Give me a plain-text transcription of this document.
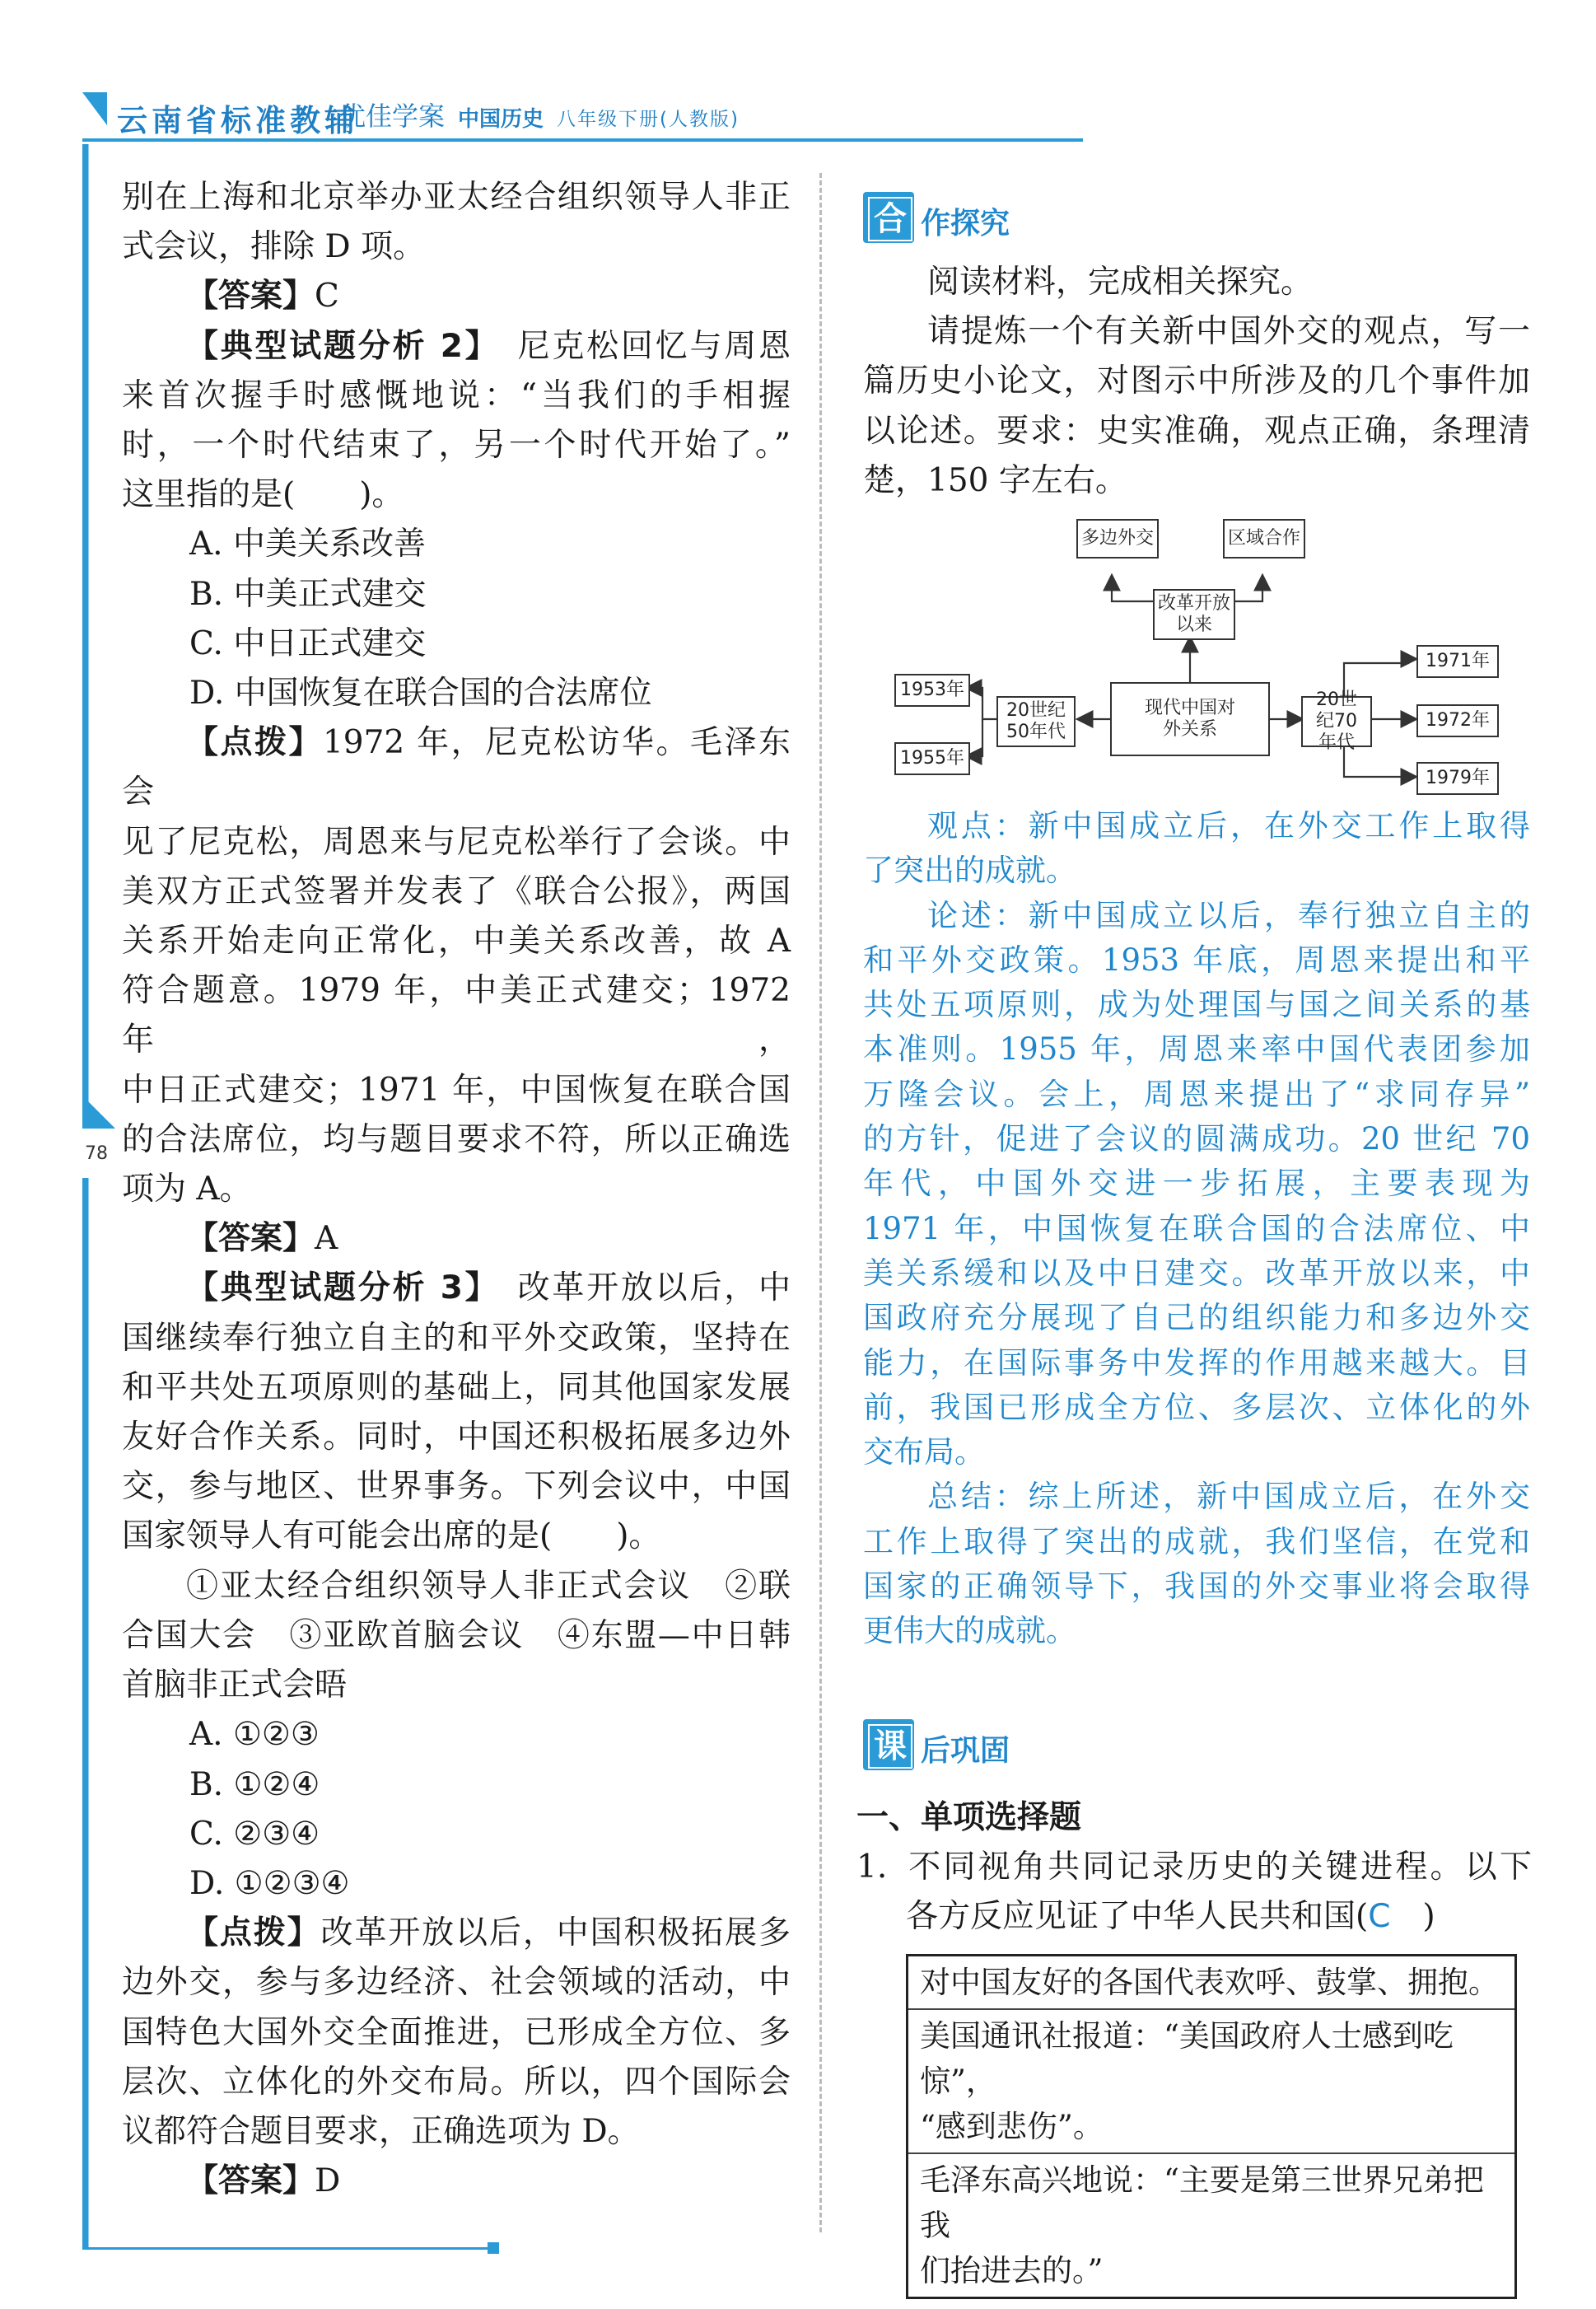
云南省标准教辅
优佳学案 中国历史 八年级下册(人教版)
78

别在上海和北京举办亚太经合组织领导人非正

式会议，排除 D 项。

【答案】C

【典型试题分析 2】　 尼克松回忆与周恩

来首次握手时感慨地说：“当我们的手相握

时，一个时代结束了，另一个时代开始了。”

这里指的是(　　)。

A. 中美关系改善

B. 中美正式建交

C. 中日正式建交

D. 中国恢复在联合国的合法席位

【点拨】1972 年，尼克松访华。毛泽东会

见了尼克松，周恩来与尼克松举行了会谈。中

美双方正式签署并发表了《联合公报》，两国

关系开始走向正常化，中美关系改善，故 A

符合题意。1979 年，中美正式建交；1972 年，

中日正式建交；1971 年，中国恢复在联合国

的合法席位，均与题目要求不符，所以正确选

项为 A。

【答案】A

【典型试题分析 3】　 改革开放以后，中

国继续奉行独立自主的和平外交政策，坚持在

和平共处五项原则的基础上，同其他国家发展

友好合作关系。同时，中国还积极拓展多边外

交，参与地区、世界事务。下列会议中，中国

国家领导人有可能会出席的是(　　)。

①亚太经合组织领导人非正式会议　②联

合国大会　③亚欧首脑会议　④东盟—中日韩

首脑非正式会晤

A. ①②③

B. ①②④

C. ②③④

D. ①②③④

【点拨】改革开放以后，中国积极拓展多

边外交，参与多边经济、社会领域的活动，中

国特色大国外交全面推进，已形成全方位、多

层次、立体化的外交布局。所以，四个国际会

议都符合题目要求，正确选项为 D。

【答案】D

合 作探究

阅读材料，完成相关探究。

请提炼一个有关新中国外交的观点，写一

篇历史小论文，对图示中所涉及的几个事件加

以论述。要求：史实准确，观点正确，条理清

楚，150 字左右。

多边外交	区域合作
改革开放以来
现代中国对外关系
20世纪50年代
1953年
1955年
20世纪70年代
1971年
1972年
1979年

观点：新中国成立后，在外交工作上取得

了突出的成就。

论述：新中国成立以后，奉行独立自主的

和平外交政策。1953 年底，周恩来提出和平

共处五项原则，成为处理国与国之间关系的基

本准则。1955 年，周恩来率中国代表团参加

万隆会议。会上，周恩来提出了“求同存异”

的方针，促进了会议的圆满成功。20 世纪 70

年代，中国外交进一步拓展，主要表现为

1971 年，中国恢复在联合国的合法席位、中

美关系缓和以及中日建交。改革开放以来，中

国政府充分展现了自己的组织能力和多边外交

能力，在国际事务中发挥的作用越来越大。目

前，我国已形成全方位、多层次、立体化的外

交布局。

总结：综上所述，新中国成立后，在外交

工作上取得了突出的成就，我们坚信，在党和

国家的正确领导下，我国的外交事业将会取得

更伟大的成就。

课 后巩固

一、单项选择题

1. 不同视角共同记录历史的关键进程。以下

各方反应见证了中华人民共和国(C  )

对中国友好的各国代表欢呼、鼓掌、拥抱。

美国通讯社报道：“美国政府人士感到吃惊”，
“感到悲伤”。

毛泽东高兴地说：“主要是第三世界兄弟把我
们抬进去的。”
